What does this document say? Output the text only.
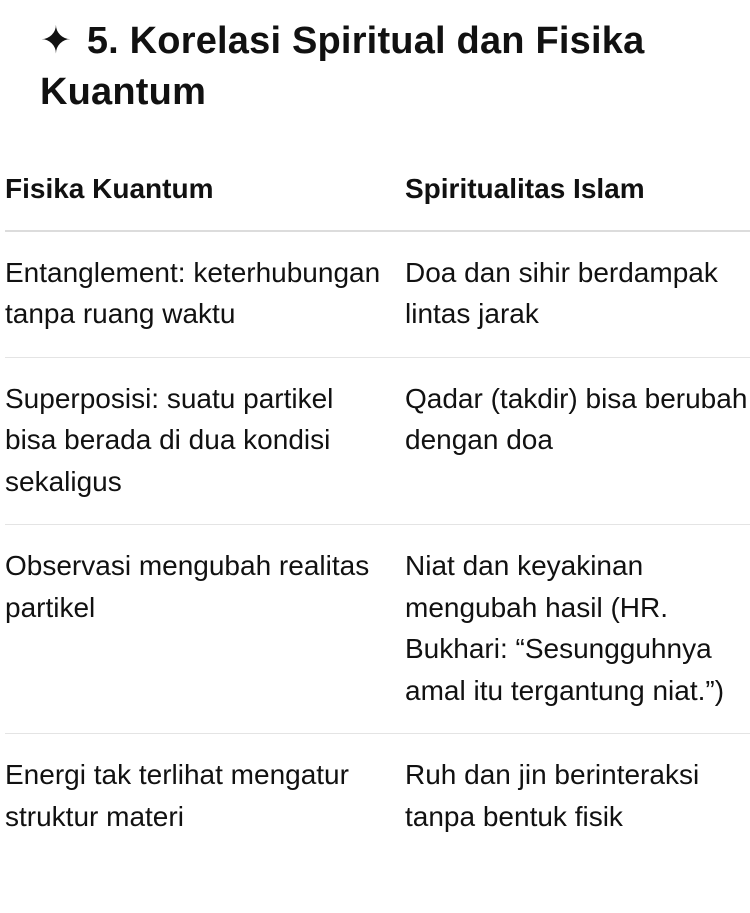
✦ 5. Korelasi Spiritual dan Fisika Kuantum
Fisika Kuantum	Spiritualitas Islam
Entanglement: keterhubungan tanpa ruang waktu	Doa dan sihir berdampak lintas jarak
Superposisi: suatu partikel bisa berada di dua kondisi sekaligus	Qadar (takdir) bisa berubah dengan doa
Observasi mengubah realitas partikel	Niat dan keyakinan mengubah hasil (HR. Bukhari: “Sesungguhnya amal itu tergantung niat.”)
Energi tak terlihat mengatur struktur materi	Ruh dan jin berinteraksi tanpa bentuk fisik
